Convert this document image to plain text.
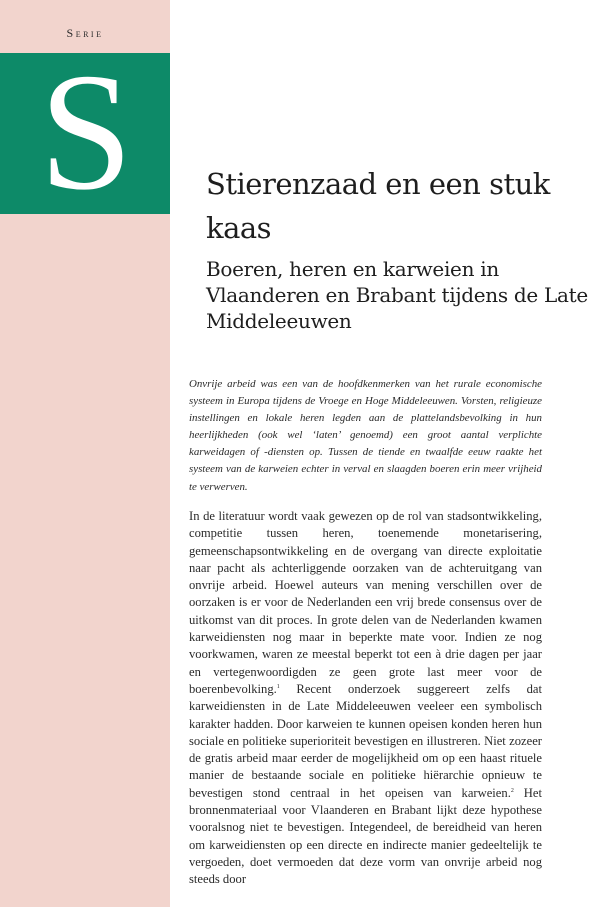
Serie
S	Stierenzaad en een stuk kaas
Boeren, heren en karweien in Vlaanderen en Brabant tijdens de Late Middeleeuwen

Onvrije arbeid was een van de hoofdkenmerken van het rurale economische systeem in Europa tijdens de Vroege en Hoge Middeleeuwen. Vorsten, religieuze instellingen en lokale heren legden aan de plattelandsbevolking in hun heerlijkheden (ook wel ‘laten’ genoemd) een groot aantal verplichte karweidagen of -diensten op. Tussen de tiende en twaalfde eeuw raakte het systeem van de karweien echter in verval en slaagden boeren erin meer vrijheid te verwerven.

In de literatuur wordt vaak gewezen op de rol van stadsontwikkeling, competitie tussen heren, toenemende monetarisering, gemeenschapsontwikkeling en de overgang van directe exploitatie naar pacht als achterliggende oorzaken van de achteruitgang van onvrije arbeid. Hoewel auteurs van mening verschillen over de oorzaken is er voor de Nederlanden een vrij brede consensus over de uitkomst van dit proces. In grote delen van de Nederlanden kwamen karweidiensten nog maar in beperkte mate voor. Indien ze nog voorkwamen, waren ze meestal beperkt tot een à drie dagen per jaar en vertegenwoordigden ze geen grote last meer voor de boerenbevolking.$^1$ Recent onderzoek suggereert zelfs dat karweidiensten in de Late Middeleeuwen veeleer een symbolisch karakter hadden. Door karweien te kunnen opeisen konden heren hun sociale en politieke superioriteit bevestigen en illustreren. Niet zozeer de gratis arbeid maar eerder de mogelijkheid om op een haast rituele manier de bestaande sociale en politieke hiërarchie opnieuw te bevestigen stond centraal in het opeisen van karweien.$^2$ Het bronnenmateriaal voor Vlaanderen en Brabant lijkt deze hypothese vooralsnog niet te bevestigen. Integendeel, de bereidheid van heren om karweidiensten op een directe en indirecte manier gedeeltelijk te vergoeden, doet vermoeden dat deze vorm van onvrije arbeid nog steeds door
